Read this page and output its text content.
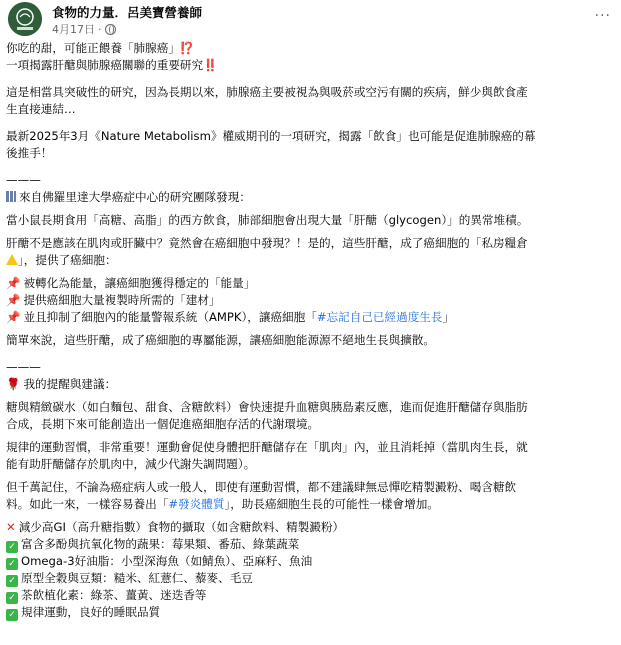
食物的力量．呂美寶營養師
4月17日 ·
···
你吃的甜，可能正餵養「肺腺癌」⁉️
一項揭露肝醣與肺腺癌關聯的重要研究‼️
這是相當具突破性的研究，因為長期以來，肺腺癌主要被視為與吸菸或空污有關的疾病，鮮少與飲食產
生直接連結…
最新2025年3月《Nature Metabolism》權威期刊的一項研究，揭露「飲食」也可能是促進肺腺癌的幕
後推手！
———
來自佛羅里達大學癌症中心的研究團隊發現：
當小鼠長期食用「高糖、高脂」的西方飲食，肺部細胞會出現大量「肝醣（glycogen）」的異常堆積。
肝醣不是應該在肌肉或肝臟中？竟然會在癌細胞中發現？！是的，這些肝醣，成了癌細胞的「私房糧倉
」，提供了癌細胞：
📌 被轉化為能量，讓癌細胞獲得穩定的「能量」
📌 提供癌細胞大量複製時所需的「建材」
📌 並且抑制了細胞內的能量警報系統（AMPK），讓癌細胞「#忘記自己已經過度生長」
簡單來說，這些肝醣，成了癌細胞的專屬能源，讓癌細胞能源源不絕地生長與擴散。
———
🌹 我的提醒與建議：
糖與精緻碳水（如白麵包、甜食、含糖飲料）會快速提升血糖與胰島素反應，進而促進肝醣儲存與脂肪
合成，長期下來可能創造出一個促進癌細胞存活的代謝環境。
規律的運動習慣，非常重要！運動會促使身體把肝醣儲存在「肌肉」內，並且消耗掉（當肌肉生長，就
能有助肝醣儲存於肌肉中，減少代謝失調問題）。
但千萬記住，不論為癌症病人或一般人，即使有運動習慣，都不建議肆無忌憚吃精製澱粉、喝含糖飲
料。如此一來，一樣容易養出「#發炎體質」，助長癌細胞生長的可能性一樣會增加。
✕ 減少高GI（高升糖指數）食物的攝取（如含糖飲料、精製澱粉）
✓ 富含多酚與抗氧化物的蔬果：莓果類、番茄、綠葉蔬菜
✓ Omega-3好油脂：小型深海魚（如鯖魚）、亞麻籽、魚油
✓ 原型全穀與豆類：糙米、紅薏仁、藜麥、毛豆
✓ 茶飲植化素：綠茶、薑黃、迷迭香等
✓ 規律運動，良好的睡眠品質
